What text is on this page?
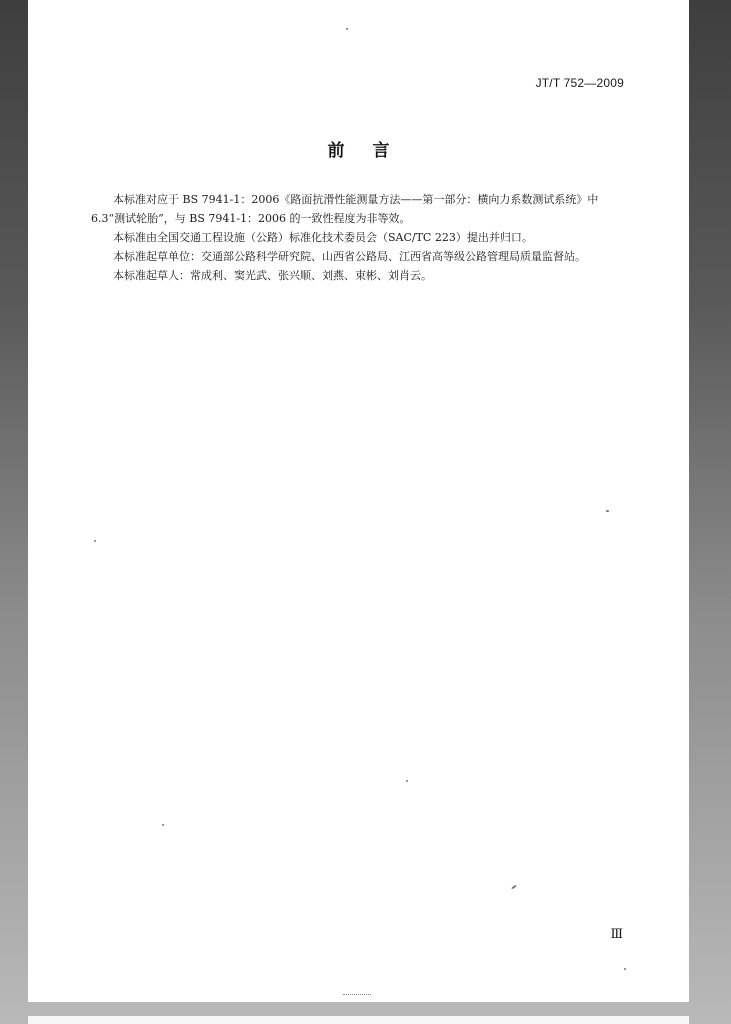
JT/T 752—2009
前言

本标准对应于 BS 7941-1：2006《路面抗滑性能测量方法——第一部分：横向力系数测试系统》中

6.3“测试轮胎”，与 BS 7941-1：2006 的一致性程度为非等效。

本标准由全国交通工程设施（公路）标准化技术委员会（SAC/TC 223）提出并归口。

本标准起草单位：交通部公路科学研究院、山西省公路局、江西省高等级公路管理局质量监督站。

本标准起草人：常成利、窦光武、张兴顺、刘燕、束彬、刘肖云。

Ⅲ
